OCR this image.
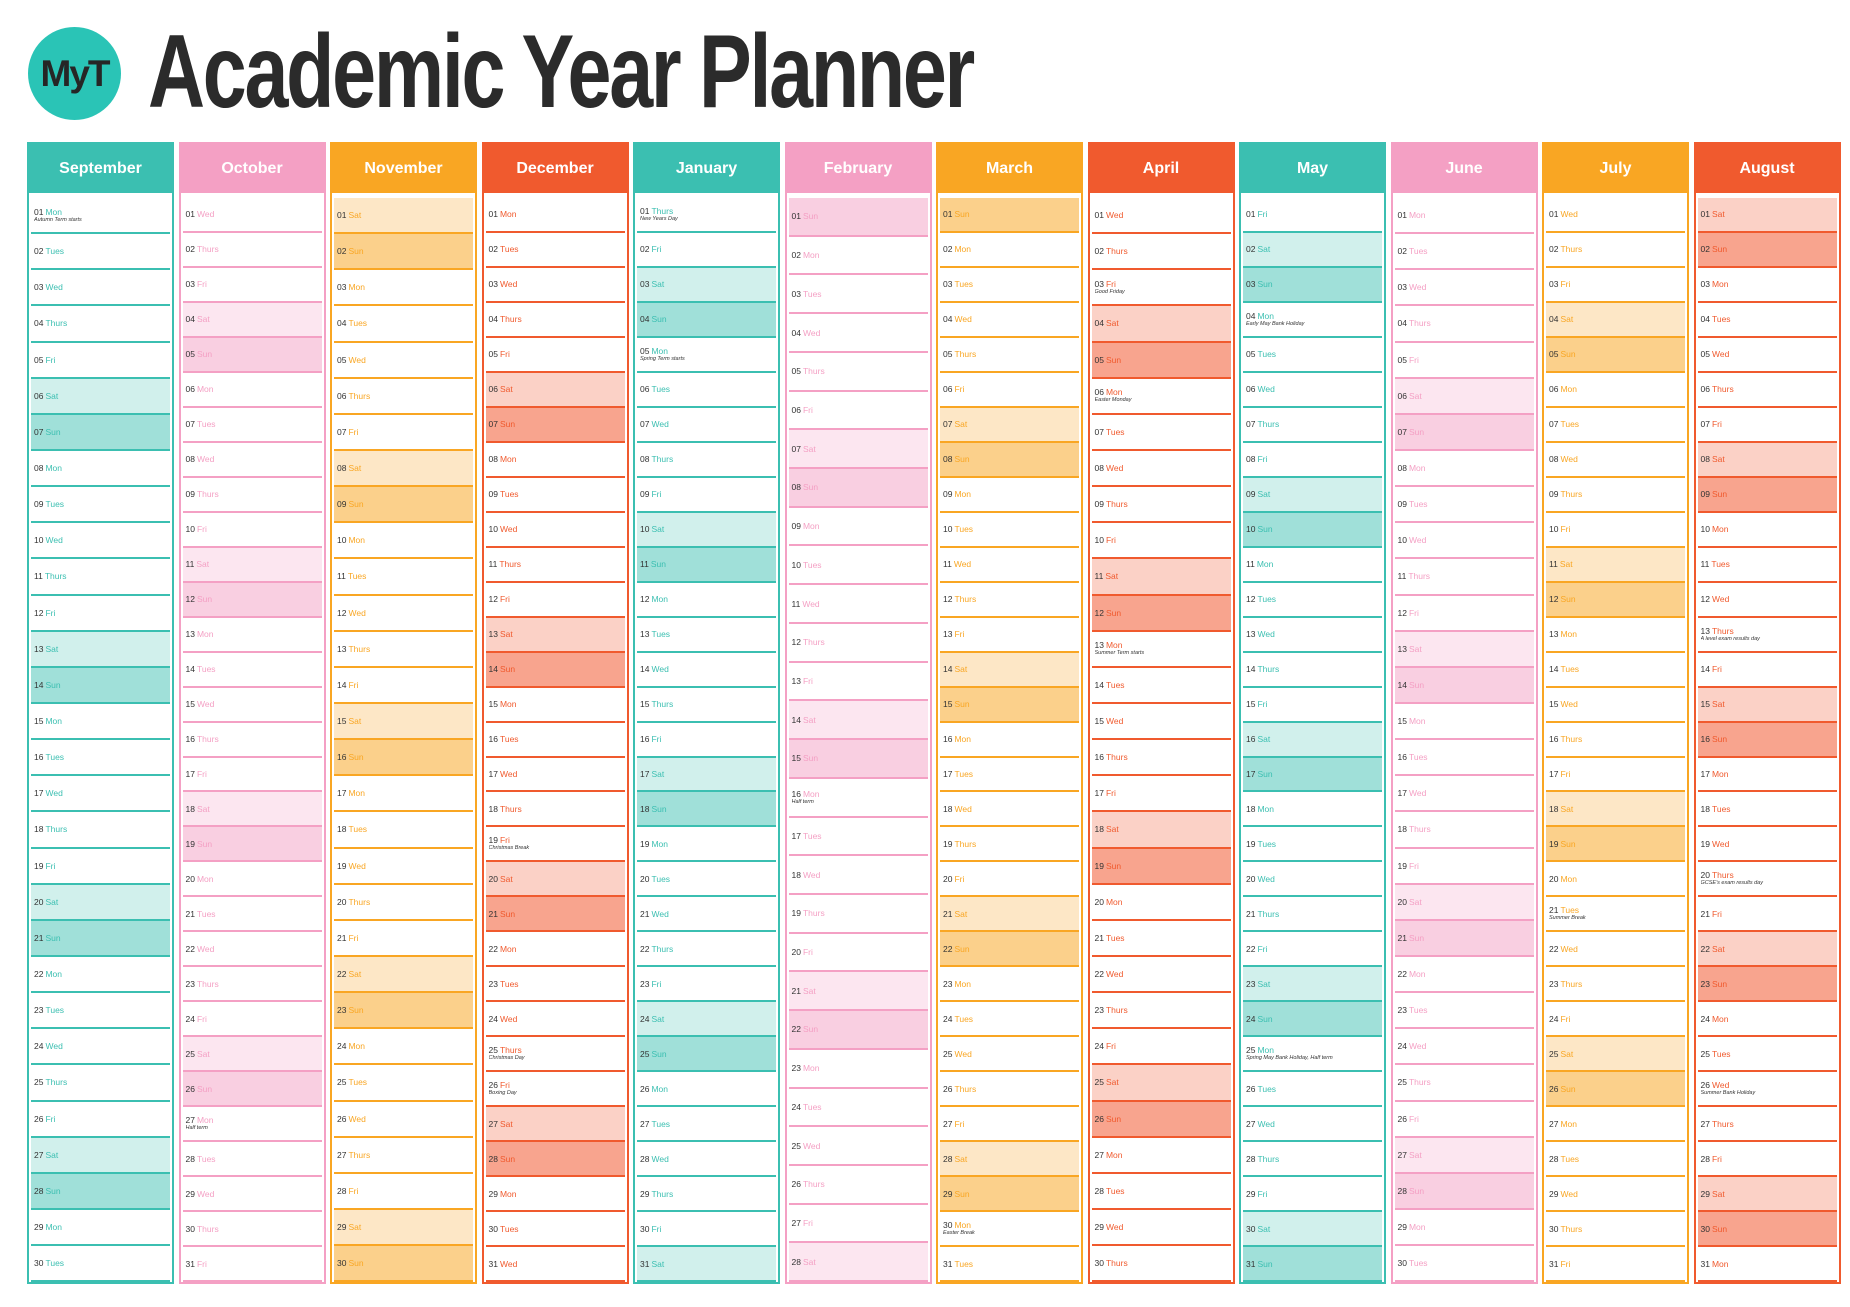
MyT Academic Year Planner
September
01 Mon
Autumn Term starts
02 Tues
03 Wed
04 Thurs
05 Fri
06 Sat
07 Sun
08 Mon
09 Tues
10 Wed
11 Thurs
12 Fri
13 Sat
14 Sun
15 Mon
16 Tues
17 Wed
18 Thurs
19 Fri
20 Sat
21 Sun
22 Mon
23 Tues
24 Wed
25 Thurs
26 Fri
27 Sat
28 Sun
29 Mon
30 Tues
October
01 Wed
02 Thurs
03 Fri
04 Sat
05 Sun
06 Mon
07 Tues
08 Wed
09 Thurs
10 Fri
11 Sat
12 Sun
13 Mon
14 Tues
15 Wed
16 Thurs
17 Fri
18 Sat
19 Sun
20 Mon
21 Tues
22 Wed
23 Thurs
24 Fri
25 Sat
26 Sun
27 Mon
Half term
28 Tues
29 Wed
30 Thurs
31 Fri
November
01 Sat
02 Sun
03 Mon
04 Tues
05 Wed
06 Thurs
07 Fri
08 Sat
09 Sun
10 Mon
11 Tues
12 Wed
13 Thurs
14 Fri
15 Sat
16 Sun
17 Mon
18 Tues
19 Wed
20 Thurs
21 Fri
22 Sat
23 Sun
24 Mon
25 Tues
26 Wed
27 Thurs
28 Fri
29 Sat
30 Sun
December
01 Mon
02 Tues
03 Wed
04 Thurs
05 Fri
06 Sat
07 Sun
08 Mon
09 Tues
10 Wed
11 Thurs
12 Fri
13 Sat
14 Sun
15 Mon
16 Tues
17 Wed
18 Thurs
19 Fri
Christmas Break
20 Sat
21 Sun
22 Mon
23 Tues
24 Wed
25 Thurs
Christmas Day
26 Fri
Boxing Day
27 Sat
28 Sun
29 Mon
30 Tues
31 Wed
January
01 Thurs
New Years Day
02 Fri
03 Sat
04 Sun
05 Mon
Spring Term starts
06 Tues
07 Wed
08 Thurs
09 Fri
10 Sat
11 Sun
12 Mon
13 Tues
14 Wed
15 Thurs
16 Fri
17 Sat
18 Sun
19 Mon
20 Tues
21 Wed
22 Thurs
23 Fri
24 Sat
25 Sun
26 Mon
27 Tues
28 Wed
29 Thurs
30 Fri
31 Sat
February
01 Sun
02 Mon
03 Tues
04 Wed
05 Thurs
06 Fri
07 Sat
08 Sun
09 Mon
10 Tues
11 Wed
12 Thurs
13 Fri
14 Sat
15 Sun
16 Mon
Half term
17 Tues
18 Wed
19 Thurs
20 Fri
21 Sat
22 Sun
23 Mon
24 Tues
25 Wed
26 Thurs
27 Fri
28 Sat
March
01 Sun
02 Mon
03 Tues
04 Wed
05 Thurs
06 Fri
07 Sat
08 Sun
09 Mon
10 Tues
11 Wed
12 Thurs
13 Fri
14 Sat
15 Sun
16 Mon
17 Tues
18 Wed
19 Thurs
20 Fri
21 Sat
22 Sun
23 Mon
24 Tues
25 Wed
26 Thurs
27 Fri
28 Sat
29 Sun
30 Mon
Easter Break
31 Tues
April
01 Wed
02 Thurs
03 Fri
Good Friday
04 Sat
05 Sun
06 Mon
Easter Monday
07 Tues
08 Wed
09 Thurs
10 Fri
11 Sat
12 Sun
13 Mon
Summer Term starts
14 Tues
15 Wed
16 Thurs
17 Fri
18 Sat
19 Sun
20 Mon
21 Tues
22 Wed
23 Thurs
24 Fri
25 Sat
26 Sun
27 Mon
28 Tues
29 Wed
30 Thurs
May
01 Fri
02 Sat
03 Sun
04 Mon
Early May Bank Holiday
05 Tues
06 Wed
07 Thurs
08 Fri
09 Sat
10 Sun
11 Mon
12 Tues
13 Wed
14 Thurs
15 Fri
16 Sat
17 Sun
18 Mon
19 Tues
20 Wed
21 Thurs
22 Fri
23 Sat
24 Sun
25 Mon
Spring May Bank Holiday, Half term
26 Tues
27 Wed
28 Thurs
29 Fri
30 Sat
31 Sun
June
01 Mon
02 Tues
03 Wed
04 Thurs
05 Fri
06 Sat
07 Sun
08 Mon
09 Tues
10 Wed
11 Thurs
12 Fri
13 Sat
14 Sun
15 Mon
16 Tues
17 Wed
18 Thurs
19 Fri
20 Sat
21 Sun
22 Mon
23 Tues
24 Wed
25 Thurs
26 Fri
27 Sat
28 Sun
29 Mon
30 Tues
July
01 Wed
02 Thurs
03 Fri
04 Sat
05 Sun
06 Mon
07 Tues
08 Wed
09 Thurs
10 Fri
11 Sat
12 Sun
13 Mon
14 Tues
15 Wed
16 Thurs
17 Fri
18 Sat
19 Sun
20 Mon
21 Tues
Summer Break
22 Wed
23 Thurs
24 Fri
25 Sat
26 Sun
27 Mon
28 Tues
29 Wed
30 Thurs
31 Fri
August
01 Sat
02 Sun
03 Mon
04 Tues
05 Wed
06 Thurs
07 Fri
08 Sat
09 Sun
10 Mon
11 Tues
12 Wed
13 Thurs
A level exam results day
14 Fri
15 Sat
16 Sun
17 Mon
18 Tues
19 Wed
20 Thurs
GCSE's exam results day
21 Fri
22 Sat
23 Sun
24 Mon
25 Tues
26 Wed
Summer Bank Holiday
27 Thurs
28 Fri
29 Sat
30 Sun
31 Mon
